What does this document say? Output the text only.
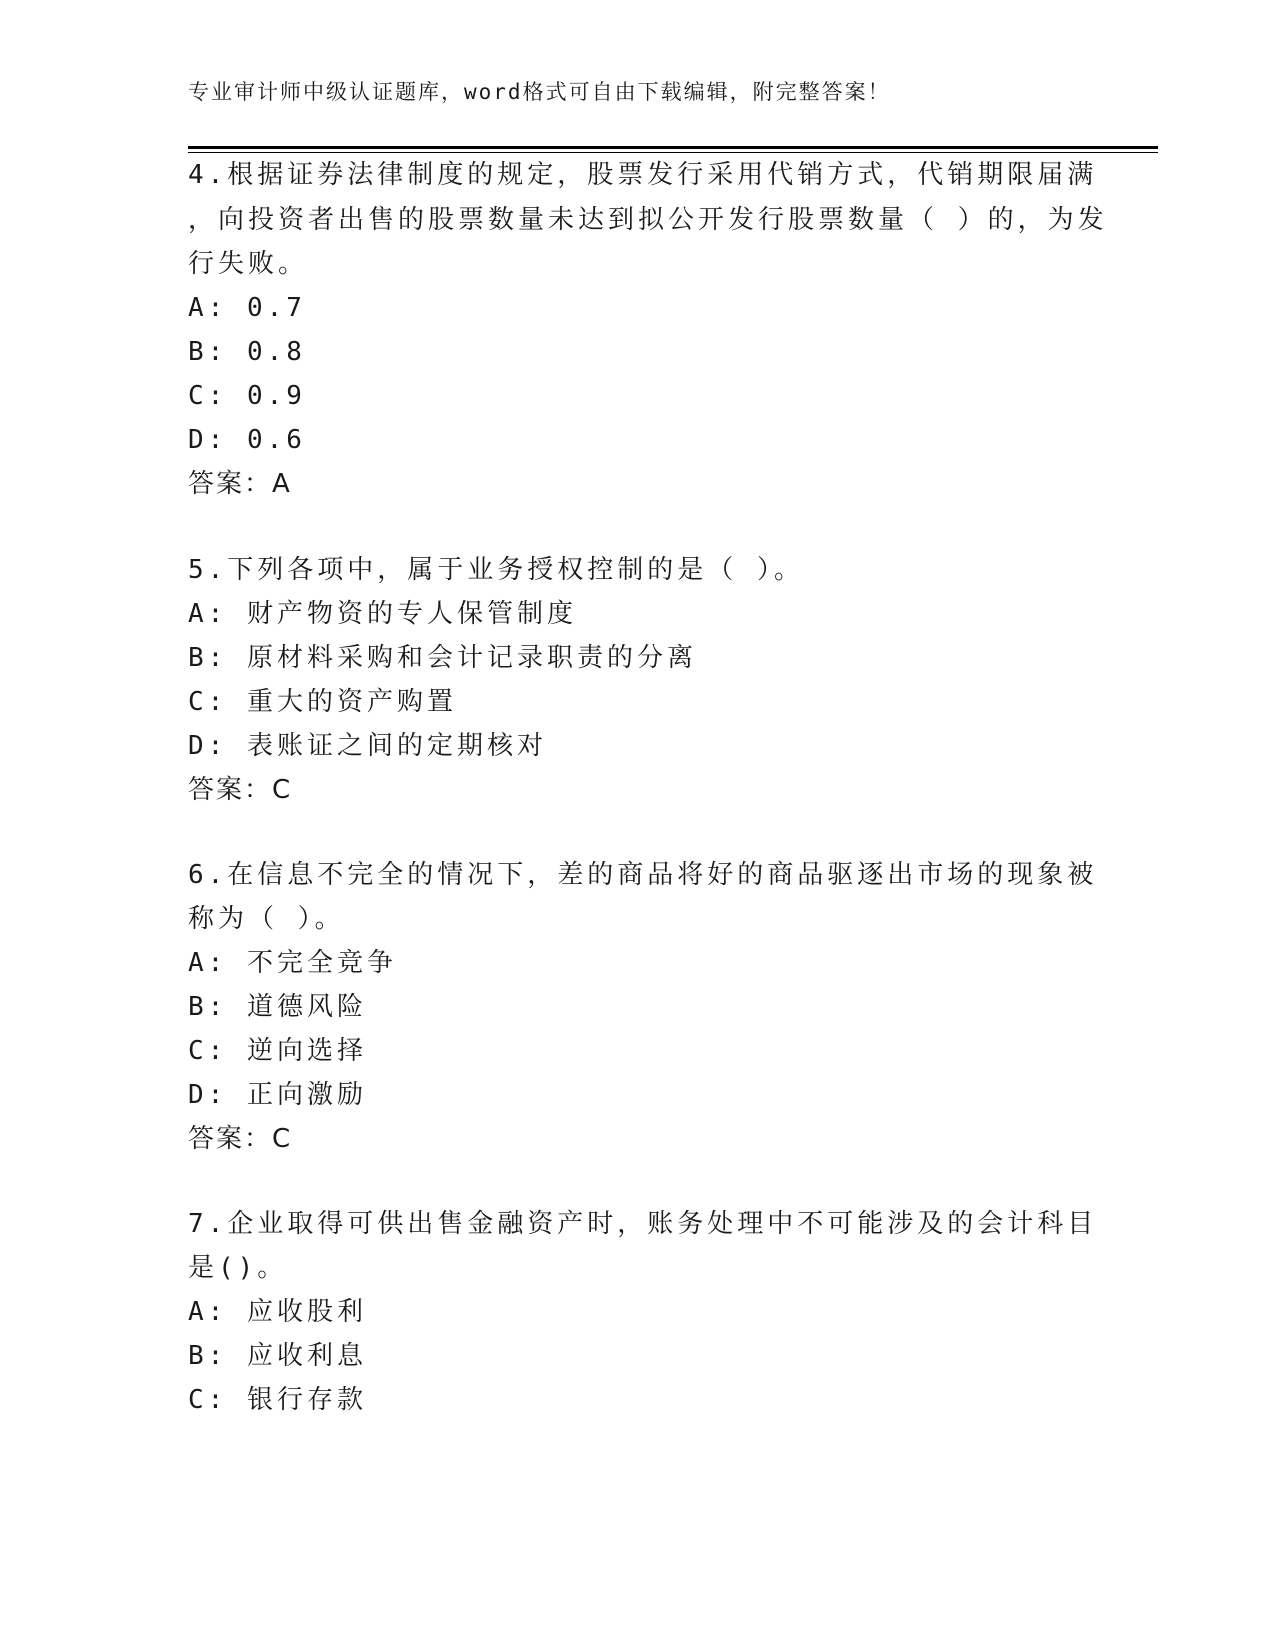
专业审计师中级认证题库，word格式可自由下载编辑，附完整答案！
4.根据证券法律制度的规定，股票发行采用代销方式，代销期限届满
，向投资者出售的股票数量未达到拟公开发行股票数量（ ）的，为发
行失败。
A: 0.7
B: 0.8
C: 0.9
D: 0.6
答案：A
5.下列各项中，属于业务授权控制的是（ ）。
A: 财产物资的专人保管制度
B: 原材料采购和会计记录职责的分离
C: 重大的资产购置
D: 表账证之间的定期核对
答案：C
6.在信息不完全的情况下，差的商品将好的商品驱逐出市场的现象被
称为（ ）。
A: 不完全竞争
B: 道德风险
C: 逆向选择
D: 正向激励
答案：C
7.企业取得可供出售金融资产时，账务处理中不可能涉及的会计科目
是()。
A: 应收股利
B: 应收利息
C: 银行存款
